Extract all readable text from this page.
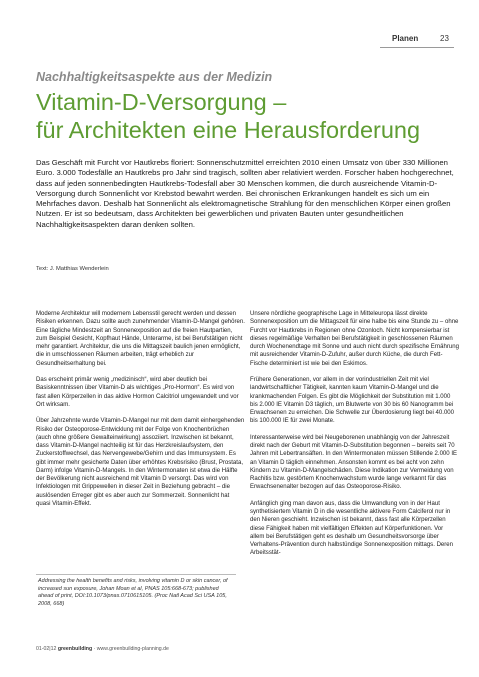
Planen	23
Nachhaltigkeitsaspekte aus der Medizin
Vitamin-D-Versorgung –
für Architekten eine Herausforderung
Das Geschäft mit Furcht vor Hautkrebs floriert: Sonnenschutzmittel erreichten 2010 einen Umsatz von über 330 Millionen Euro. 3.000 Todesfälle an Hautkrebs pro Jahr sind tragisch, sollten aber relativiert werden. Forscher haben hochgerechnet, dass auf jeden sonnenbedingten Hautkrebs-Todesfall aber 30 Menschen kommen, die durch ausreichende Vitamin-D-Versorgung durch Sonnenlicht vor Krebstod bewahrt werden. Bei chronischen Erkrankungen handelt es sich um ein Mehrfaches davon. Deshalb hat Sonnenlicht als elektromagnetische Strahlung für den menschlichen Körper einen großen Nutzen. Er ist so bedeutsam, dass Architekten bei gewerblichen und privaten Bauten unter gesundheitlichen Nachhaltigkeitsaspekten daran denken sollten.
Text: J. Matthias Wenderlein

Moderne Architektur will modernem Lebensstil gerecht werden und dessen Risiken erkennen. Dazu sollte auch zunehmender Vitamin-D-Mangel gehören. Eine tägliche Mindestzeit an Sonnenexposition auf die freien Hautpartien, zum Beispiel Gesicht, Kopfhaut Hände, Unterarme, ist bei Berufstätigen nicht mehr garantiert. Architektur, die uns die Mittagszeit baulich jenen ermöglicht, die in umschlossenen Räumen arbeiten, trägt erheblich zur Gesundheitserhaltung bei.

Das erscheint primär wenig „medizinisch“, wird aber deutlich bei Basiskenntnissen über Vitamin-D als wichtiges „Pro-Hormon“. Es wird von fast allen Körperzellen in das aktive Hormon Calcitriol umgewandelt und vor Ort wirksam.

Über Jahrzehnte wurde Vitamin-D-Mangel nur mit dem damit einhergehenden Risiko der Osteoporose-Entwicklung mit der Folge von Knochenbrüchen (auch ohne größere Gewalteinwirkung) assoziiert. Inzwischen ist bekannt, dass Vitamin-D-Mangel nachteilig ist für das Herzkreislaufsystem, den Zuckerstoffwechsel, das Nervengewebe/Gehirn und das Immunsystem. Es gibt immer mehr gesicherte Daten über erhöhtes Krebsrisiko (Brust, Prostata, Darm) infolge Vitamin-D-Mangels. In den Wintermonaten ist etwa die Hälfte der Bevölkerung nicht ausreichend mit Vitamin D versorgt. Das wird von Infektiologen mit Grippewellen in dieser Zeit in Beziehung gebracht – die auslösenden Erreger gibt es aber auch zur Sommerzeit. Sonnenlicht hat quasi Vitamin-Effekt.

Unsere nördliche geographische Lage in Mitteleuropa lässt direkte Sonnenexposition um die Mittagszeit für eine halbe bis eine Stunde zu – ohne Furcht vor Hautkrebs in Regionen ohne Ozonloch. Nicht kompensierbar ist dieses regelmäßige Verhalten bei Berufstätigkeit in geschlossenen Räumen durch Wochenendtage mit Sonne und auch nicht durch spezifische Ernährung mit ausreichender Vitamin-D-Zufuhr, außer durch Küche, die durch Fett-Fische determiniert ist wie bei den Eskimos.

Frühere Generationen, vor allem in der vorindustriellen Zeit mit viel landwirtschaftlicher Tätigkeit, kannten kaum Vitamin-D-Mangel und die krankmachenden Folgen. Es gibt die Möglichkeit der Substitution mit 1.000 bis 2.000 IE Vitamin D3 täglich, um Blutwerte von 30 bis 60 Nanogramm bei Erwachsenen zu erreichen. Die Schwelle zur Überdosierung liegt bei 40.000 bis 100.000 IE für zwei Monate.

Interessanterweise wird bei Neugeborenen unabhängig von der Jahreszeit direkt nach der Geburt mit Vitamin-D-Substitution begonnen – bereits seit 70 Jahren mit Lebertransäften. In den Wintermonaten müssen Stillende 2.000 IE an Vitamin D täglich einnehmen. Ansonsten kommt es bei acht von zehn Kindern zu Vitamin-D-Mangelschäden. Diese Indikation zur Vermeidung von Rachitis bzw. gestörtem Knochenwachstum wurde lange verkannt für das Erwachsenenalter bezogen auf das Osteoporose-Risiko.

Anfänglich ging man davon aus, dass die Umwandlung von in der Haut synthetisiertem Vitamin D in die wesentliche aktivere Form Calciferol nur in den Nieren geschieht. Inzwischen ist bekannt, dass fast alle Körperzellen diese Fähigkeit haben mit vielfältigen Effekten auf Körperfunktionen. Vor allem bei Berufstätigen geht es deshalb um Gesundheitsvorsorge über Verhaltens-Prävention durch halbstündige Sonnenexposition mittags. Deren Arbeitsstät-

Addressing the health benefits and risks, involving vitamin D or skin cancer, of increased sun exposure, Johan Moan et al, PNAS 105:668-673; published ahead of print, DOI:10.1073/pnas.0710615105. (Proc Natl Acad Sci USA 105, 2008, 668)
01-02|12 greenbuilding · www.greenbuilding-planning.de
